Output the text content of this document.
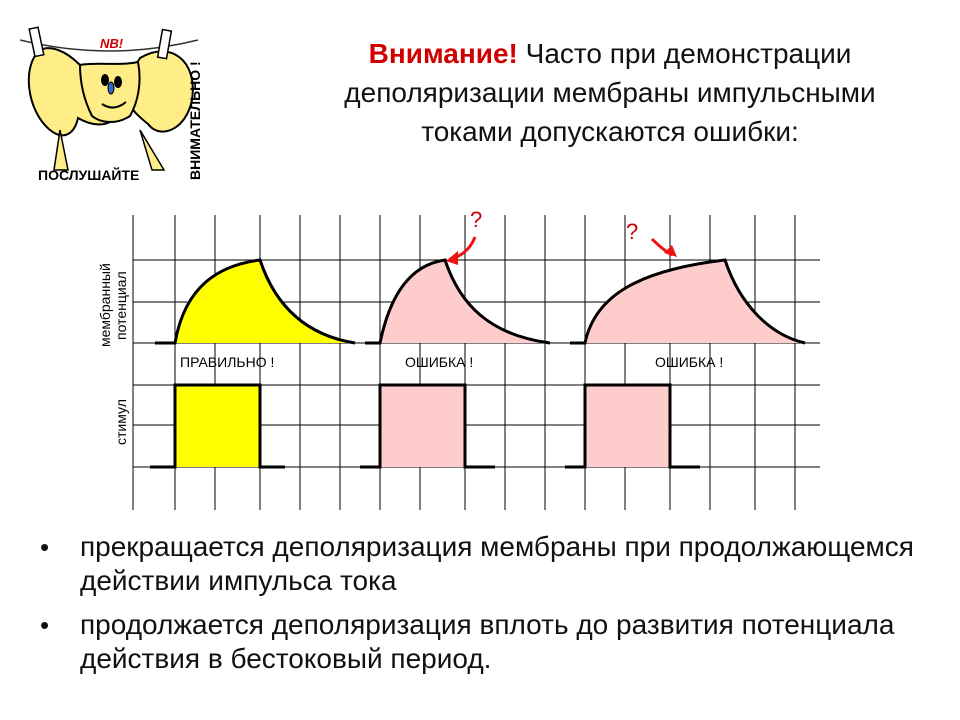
NB!
ПОСЛУШАЙТЕ	ВНИМАТЕЛЬНО !
Внимание! Часто при демонстрации деполяризации мембраны импульсными токами допускаются ошибки:
мембранный потенциал
стимул
ПРАВИЛЬНО !	ОШИБКА !
?
ОШИБКА !
?
• прекращается деполяризация мембраны при продолжающемся действии импульса тока
• продолжается деполяризация вплоть до развития потенциала действия в бестоковый период.
